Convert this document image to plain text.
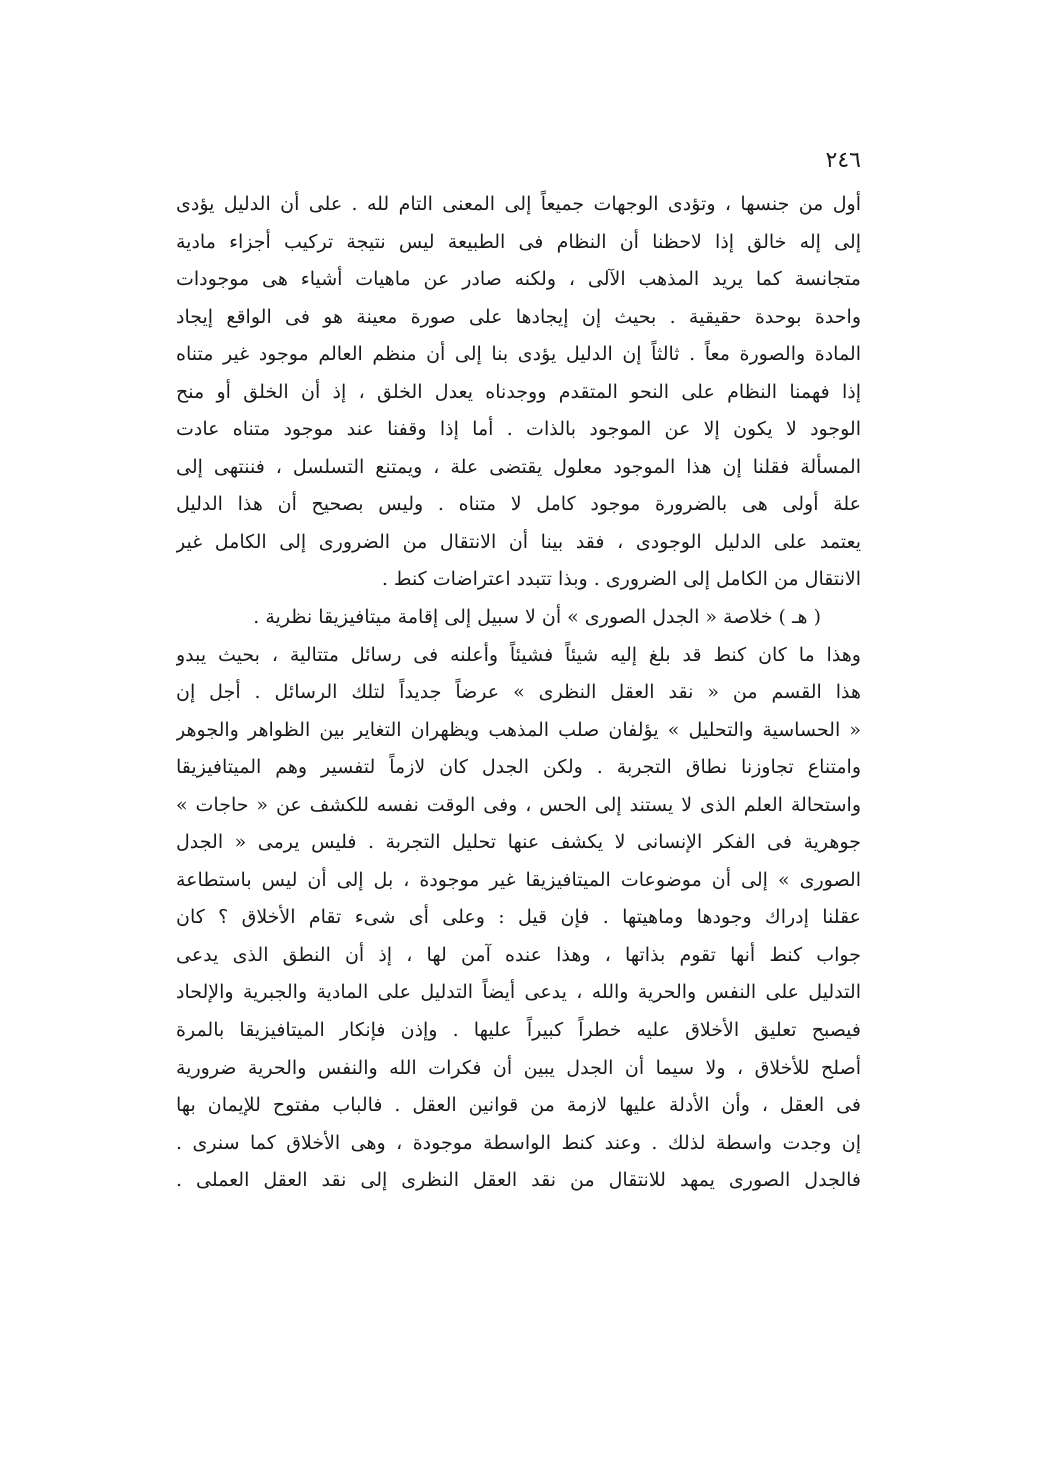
٢٤٦
أول من جنسها ، وتؤدى الوجهات جميعاً إلى المعنى التام لله . على أن الدليل يؤدى
إلى إله خالق إذا لاحظنا أن النظام فى الطبيعة ليس نتيجة تركيب أجزاء مادية
متجانسة كما يريد المذهب الآلى ، ولكنه صادر عن ماهيات أشياء هى موجودات
واحدة بوحدة حقيقية . بحيث إن إيجادها على صورة معينة هو فى الواقع إيجاد
المادة والصورة معاً . ثالثاً إن الدليل يؤدى بنا إلى أن منظم العالم موجود غير متناه
إذا فهمنا النظام على النحو المتقدم ووجدناه يعدل الخلق ، إذ أن الخلق أو منح
الوجود لا يكون إلا عن الموجود بالذات . أما إذا وقفنا عند موجود متناه عادت
المسألة فقلنا إن هذا الموجود معلول يقتضى علة ، ويمتنع التسلسل ، فننتهى إلى
علة أولى هى بالضرورة موجود كامل لا متناه . وليس بصحيح أن هذا الدليل
يعتمد على الدليل الوجودى ، فقد بينا أن الانتقال من الضرورى إلى الكامل غير
الانتقال من الكامل إلى الضرورى . وبذا تتبدد اعتراضات كنط .
( هـ ) خلاصة « الجدل الصورى » أن لا سبيل إلى إقامة ميتافيزيقا نظرية .
وهذا ما كان كنط قد بلغ إليه شيئاً فشيئاً وأعلنه فى رسائل متتالية ، بحيث يبدو
هذا القسم من « نقد العقل النظرى » عرضاً جديداً لتلك الرسائل . أجل إن
« الحساسية والتحليل » يؤلفان صلب المذهب ويظهران التغاير بين الظواهر والجوهر
وامتناع تجاوزنا نطاق التجربة . ولكن الجدل كان لازماً لتفسير وهم الميتافيزيقا
واستحالة العلم الذى لا يستند إلى الحس ، وفى الوقت نفسه للكشف عن « حاجات »
جوهرية فى الفكر الإنسانى لا يكشف عنها تحليل التجربة . فليس يرمى « الجدل
الصورى » إلى أن موضوعات الميتافيزيقا غير موجودة ، بل إلى أن ليس باستطاعة
عقلنا إدراك وجودها وماهيتها . فإن قيل : وعلى أى شىء تقام الأخلاق ؟ كان
جواب كنط أنها تقوم بذاتها ، وهذا عنده آمن لها ، إذ أن النطق الذى يدعى
التدليل على النفس والحرية والله ، يدعى أيضاً التدليل على المادية والجبرية والإلحاد
فيصبح تعليق الأخلاق عليه خطراً كبيراً عليها . وإذن فإنكار الميتافيزيقا بالمرة
أصلح للأخلاق ، ولا سيما أن الجدل يبين أن فكرات الله والنفس والحرية ضرورية
فى العقل ، وأن الأدلة عليها لازمة من قوانين العقل . فالباب مفتوح للإيمان بها
إن وجدت واسطة لذلك . وعند كنط الواسطة موجودة ، وهى الأخلاق كما سنرى .
فالجدل الصورى يمهد للانتقال من نقد العقل النظرى إلى نقد العقل العملى .
